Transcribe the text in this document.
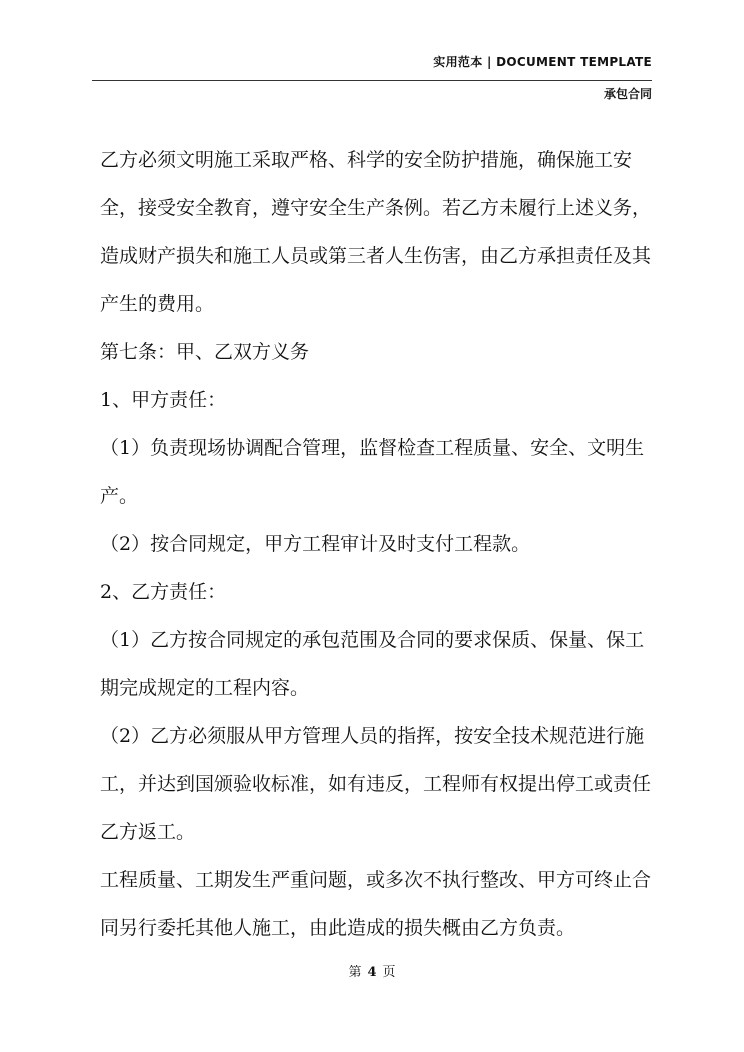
实用范本 | DOCUMENT TEMPLATE
承包合同

乙方必须文明施工采取严格、科学的安全防护措施，确保施工安全，接受安全教育，遵守安全生产条例。若乙方未履行上述义务，造成财产损失和施工人员或第三者人生伤害，由乙方承担责任及其产生的费用。

第七条：甲、乙双方义务

1、甲方责任：

（1）负责现场协调配合管理，监督检查工程质量、安全、文明生产。

（2）按合同规定，甲方工程审计及时支付工程款。

2、乙方责任：

（1）乙方按合同规定的承包范围及合同的要求保质、保量、保工期完成规定的工程内容。

（2）乙方必须服从甲方管理人员的指挥，按安全技术规范进行施工，并达到国颁验收标准，如有违反，工程师有权提出停工或责任乙方返工。

工程质量、工期发生严重问题，或多次不执行整改、甲方可终止合同另行委托其他人施工，由此造成的损失概由乙方负责。

第 4 页
